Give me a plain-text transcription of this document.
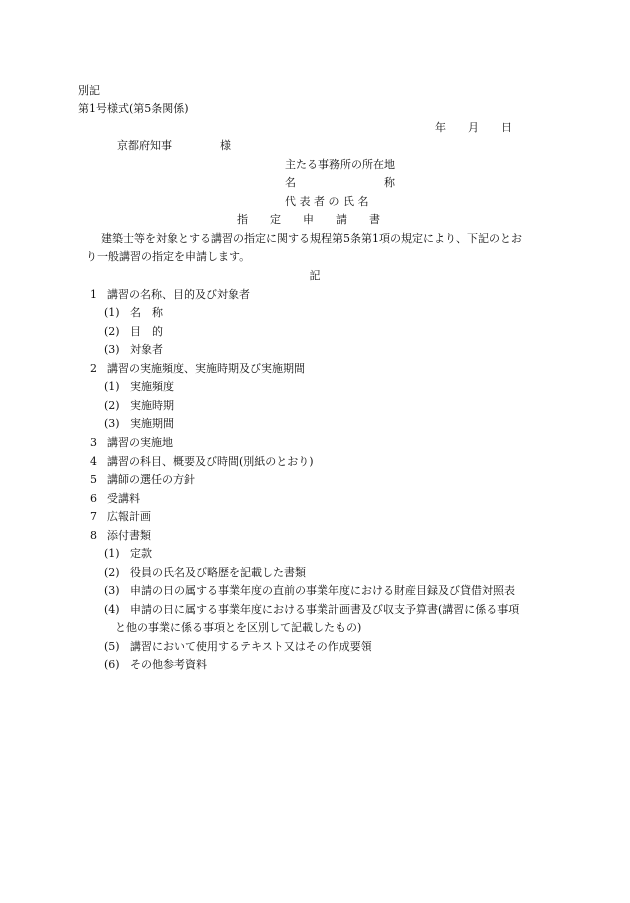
別記
第1号様式(第5条関係)
年　　月　　日
京都府知事	様
主たる事務所の所在地
名　　　　　　　　称
代 表 者 の 氏 名
指　　定　　申　　請　　書
建築士等を対象とする講習の指定に関する規程第5条第1項の規定により、下記のとお
り一般講習の指定を申請します。
記
1 講習の名称、目的及び対象者
(1) 名　称
(2) 目　的
(3) 対象者
2 講習の実施頻度、実施時期及び実施期間
(1) 実施頻度
(2) 実施時期
(3) 実施期間
3 講習の実施地
4 講習の科目、概要及び時間(別紙のとおり)
5 講師の選任の方針
6 受講料
7 広報計画
8 添付書類
(1) 定款
(2) 役員の氏名及び略歴を記載した書類
(3) 申請の日の属する事業年度の直前の事業年度における財産目録及び貸借対照表
(4) 申請の日に属する事業年度における事業計画書及び収支予算書(講習に係る事項
と他の事業に係る事項とを区別して記載したもの)
(5) 講習において使用するテキスト又はその作成要領
(6) その他参考資料
